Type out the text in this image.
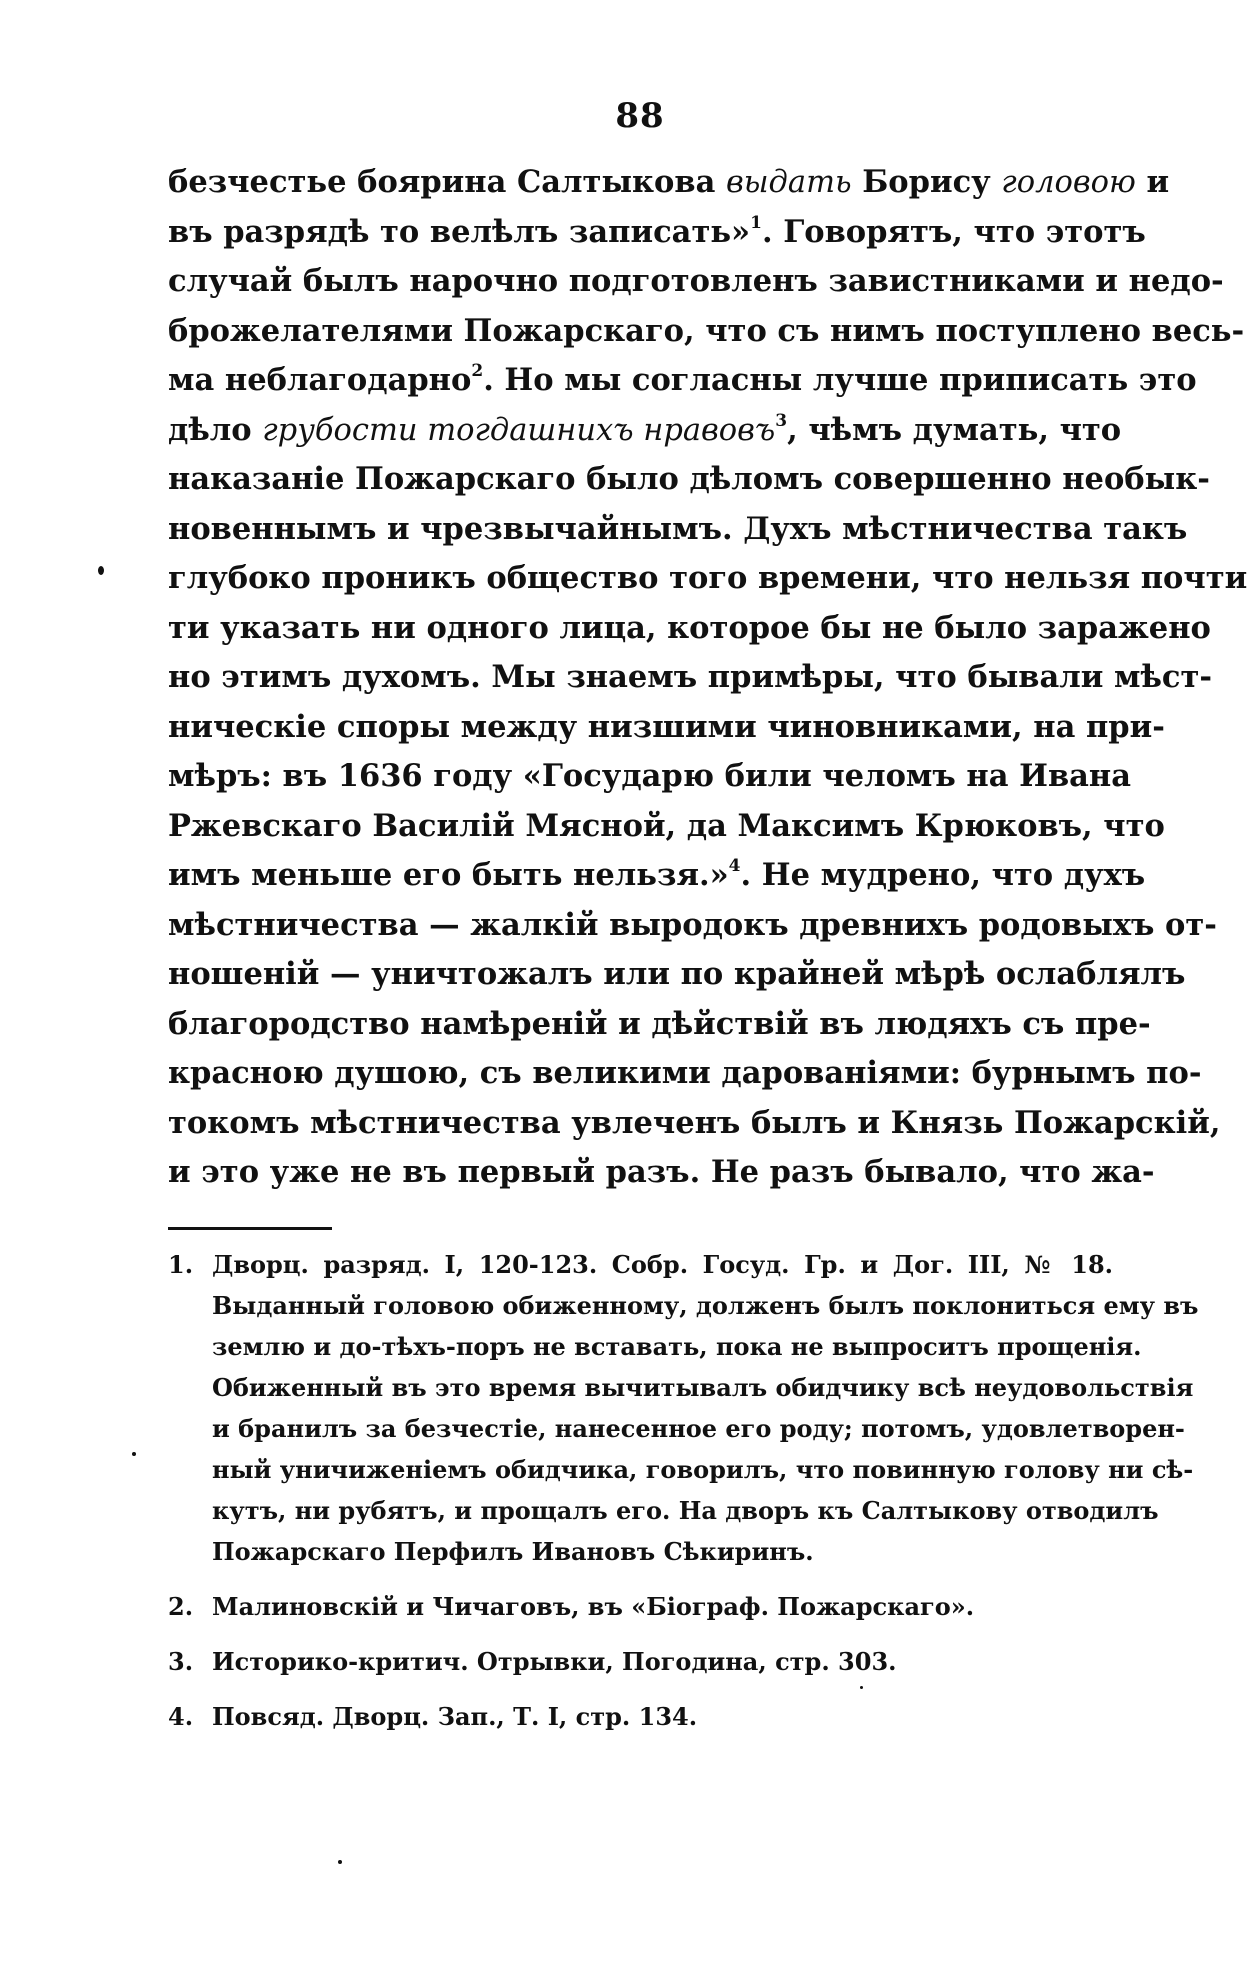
88
безчестье боярина Салтыкова выдать Борису головою и
въ разрядѣ то велѣлъ записать»$^1$. Говорятъ, что этотъ
случай былъ нарочно подготовленъ завистниками и недо-
брожелателями Пожарскаго, что съ нимъ поступлено весь-
ма неблагодарно$^2$. Но мы согласны лучше приписать это
дѣло грубости тогдашнихъ нравовъ$^3$, чѣмъ думать, что
наказаніе Пожарскаго было дѣломъ совершенно необык-
новеннымъ и чрезвычайнымъ. Духъ мѣстничества такъ
глубоко проникъ общество того времени, что нельзя почти
ти указать ни одного лица, которое бы не было заражено
но этимъ духомъ. Мы знаемъ примѣры, что бывали мѣст-
ническіе споры между низшими чиновниками, на при-
мѣръ: въ 1636 году «Государю били челомъ на Ивана
Ржевскаго Василій Мясной, да Максимъ Крюковъ, что
имъ меньше его быть нельзя.»$^4$. Не мудрено, что духъ
мѣстничества — жалкій выродокъ древнихъ родовыхъ от-
ношеній — уничтожалъ или по крайней мѣрѣ ослаблялъ
благородство намѣреній и дѣйствій въ людяхъ съ пре-
красною душою, съ великими дарованіями: бурнымъ по-
токомъ мѣстничества увлеченъ былъ и Князь Пожарскій,
и это уже не въ первый разъ. Не разъ бывало, что жа-
1. Дворц. разряд. I, 120-123. Собр. Госуд. Гр. и Дог. III, № 18.
Выданный головою обиженному, долженъ былъ поклониться ему въ
землю и до-тѣхъ-поръ не вставать, пока не выпроситъ прощенія.
Обиженный въ это время вычитывалъ обидчику всѣ неудовольствія
и бранилъ за безчестіе, нанесенное его роду; потомъ, удовлетворен-
ный уничиженіемъ обидчика, говорилъ, что повинную голову ни сѣ-
кутъ, ни рубятъ, и прощалъ его. На дворъ къ Салтыкову отводилъ
Пожарскаго Перфилъ Ивановъ Сѣкиринъ.
2. Малиновскій и Чичаговъ, въ «Біограф. Пожарскаго».
3. Историко-критич. Отрывки, Погодина, стр. 303.
4. Повсяд. Дворц. Зап., Т. I, стр. 134.
